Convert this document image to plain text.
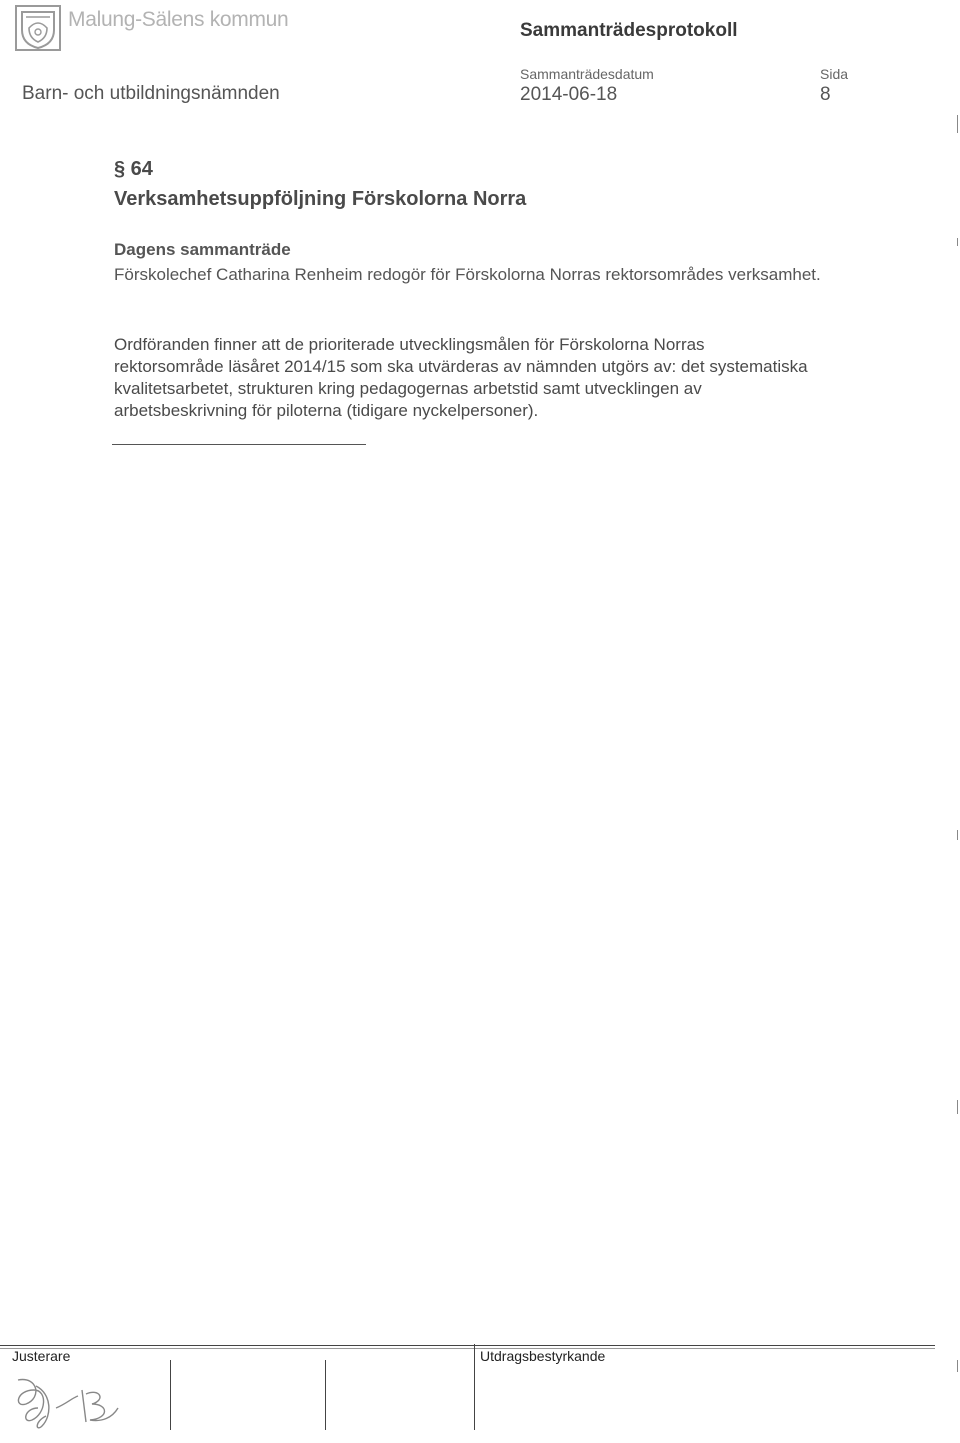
Malung-Sälens kommun	Sammanträdesprotokoll
Barn- och utbildningsnämnden
Sammanträdesdatum
2014-06-18
Sida
8
§ 64
Verksamhetsuppföljning Förskolorna Norra
Dagens sammanträde
Förskolechef Catharina Renheim redogör för Förskolorna Norras rektorsområdes verksamhet.
Ordföranden finner att de prioriterade utvecklingsmålen för Förskolorna Norras rektorsområde läsåret 2014/15 som ska utvärderas av nämnden utgörs av: det systematiska kvalitetsarbetet, strukturen kring pedagogernas arbetstid samt utvecklingen av arbetsbeskrivning för piloterna (tidigare nyckelpersoner).
Justerare	Utdragsbestyrkande
